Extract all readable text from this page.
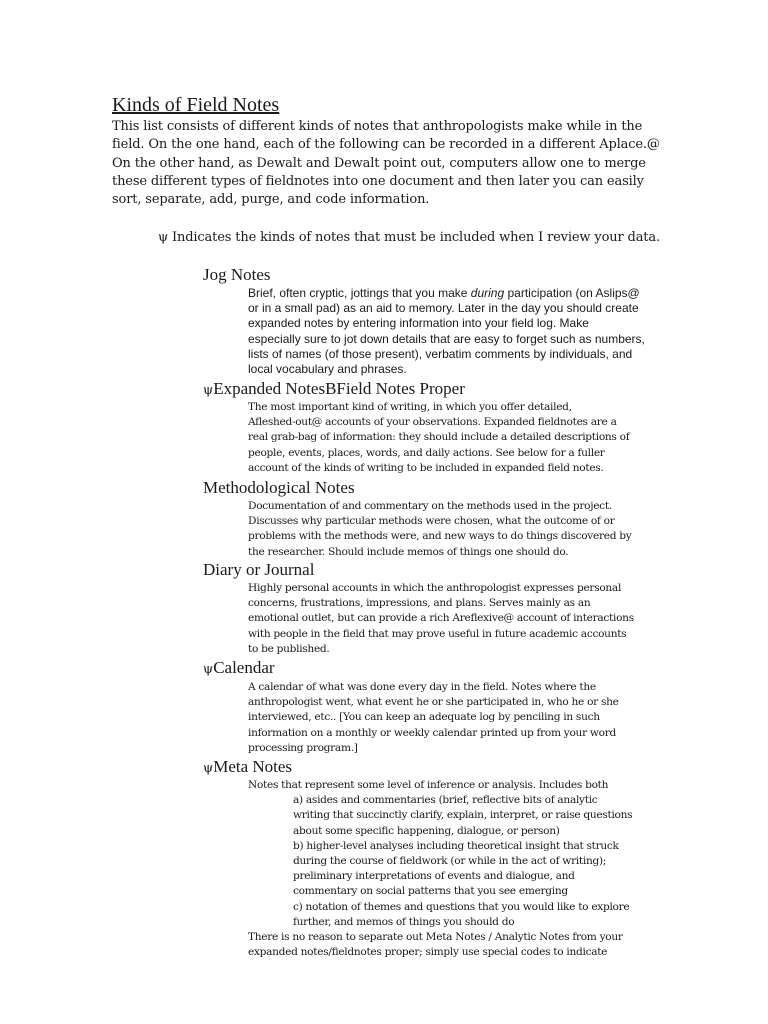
Kinds of Field Notes
This list consists of different kinds of notes that anthropologists make while in the
field. On the one hand, each of the following can be recorded in a different Aplace.@
On the other hand, as Dewalt and Dewalt point out, computers allow one to merge
these different types of fieldnotes into one document and then later you can easily
sort, separate, add, purge, and code information.
ψ Indicates the kinds of notes that must be included when I review your data.
Jog Notes
Brief, often cryptic, jottings that you make during participation (on Aslips@
or in a small pad) as an aid to memory. Later in the day you should create
expanded notes by entering information into your field log. Make
especially sure to jot down details that are easy to forget such as numbers,
lists of names (of those present), verbatim comments by individuals, and
local vocabulary and phrases.
ψExpanded NotesBField Notes Proper
The most important kind of writing, in which you offer detailed,
Afleshed-out@ accounts of your observations. Expanded fieldnotes are a
real grab-bag of information: they should include a detailed descriptions of
people, events, places, words, and daily actions. See below for a fuller
account of the kinds of writing to be included in expanded field notes.
Methodological Notes
Documentation of and commentary on the methods used in the project.
Discusses why particular methods were chosen, what the outcome of or
problems with the methods were, and new ways to do things discovered by
the researcher. Should include memos of things one should do.
Diary or Journal
Highly personal accounts in which the anthropologist expresses personal
concerns, frustrations, impressions, and plans. Serves mainly as an
emotional outlet, but can provide a rich Areflexive@ account of interactions
with people in the field that may prove useful in future academic accounts
to be published.
ψCalendar
A calendar of what was done every day in the field. Notes where the
anthropologist went, what event he or she participated in, who he or she
interviewed, etc.. [You can keep an adequate log by penciling in such
information on a monthly or weekly calendar printed up from your word
processing program.]
ψMeta Notes
Notes that represent some level of inference or analysis. Includes both
a) asides and commentaries (brief, reflective bits of analytic
writing that succinctly clarify, explain, interpret, or raise questions
about some specific happening, dialogue, or person)
b) higher-level analyses including theoretical insight that struck
during the course of fieldwork (or while in the act of writing);
preliminary interpretations of events and dialogue, and
commentary on social patterns that you see emerging
c) notation of themes and questions that you would like to explore
further, and memos of things you should do
There is no reason to separate out Meta Notes / Analytic Notes from your
expanded notes/fieldnotes proper; simply use special codes to indicate
